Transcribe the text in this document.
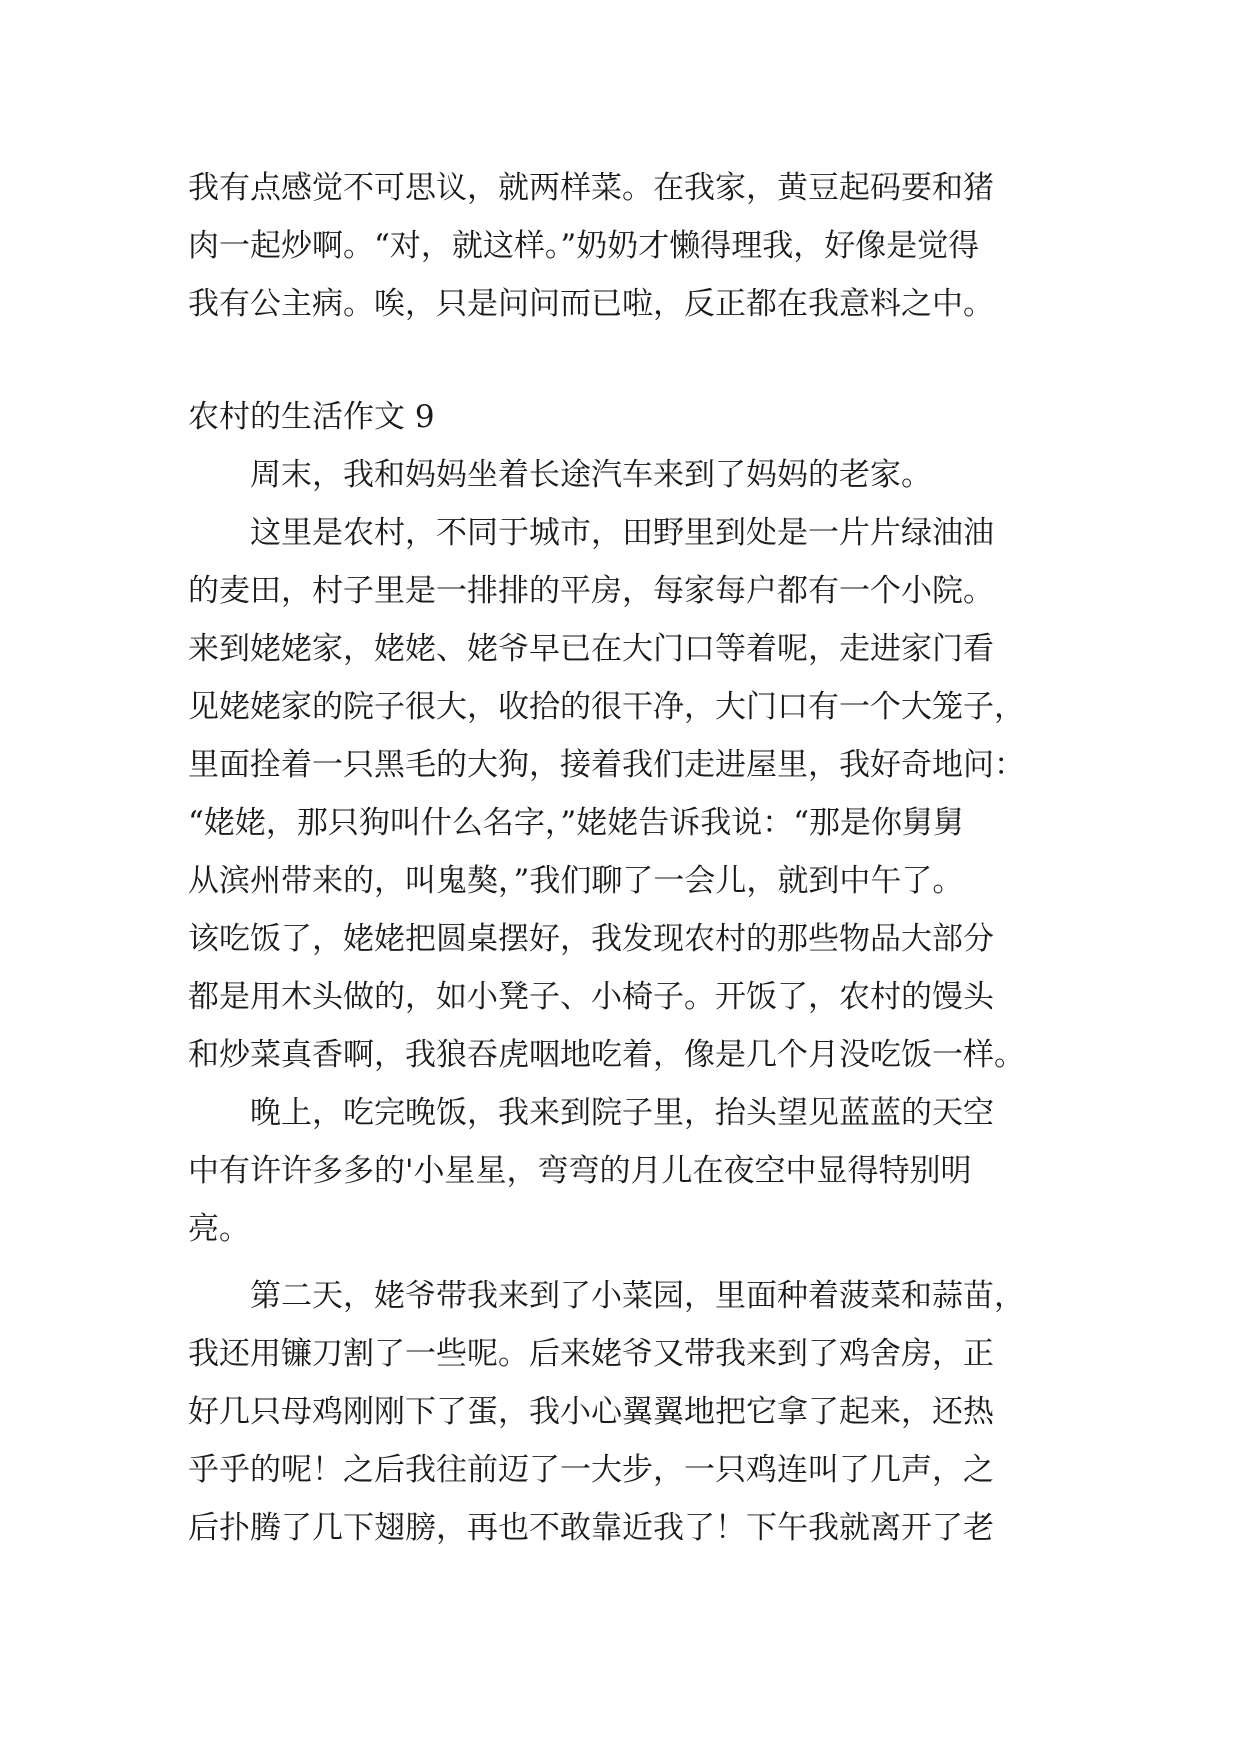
我有点感觉不可思议，就两样菜。在我家，黄豆起码要和猪
肉一起炒啊。“对，就这样。”奶奶才懒得理我，好像是觉得
我有公主病。唉，只是问问而已啦，反正都在我意料之中。
农村的生活作文 9
　　周末，我和妈妈坐着长途汽车来到了妈妈的老家。
　　这里是农村，不同于城市，田野里到处是一片片绿油油
的麦田，村子里是一排排的平房，每家每户都有一个小院。
来到姥姥家，姥姥、姥爷早已在大门口等着呢，走进家门看
见姥姥家的院子很大，收拾的很干净，大门口有一个大笼子，
里面拴着一只黑毛的大狗，接着我们走进屋里，我好奇地问：
“姥姥，那只狗叫什么名字，”姥姥告诉我说：“那是你舅舅
从滨州带来的，叫鬼獒，”我们聊了一会儿，就到中午了。
该吃饭了，姥姥把圆桌摆好，我发现农村的那些物品大部分
都是用木头做的，如小凳子、小椅子。开饭了，农村的馒头
和炒菜真香啊，我狼吞虎咽地吃着，像是几个月没吃饭一样。
　　晚上，吃完晚饭，我来到院子里，抬头望见蓝蓝的天空
中有许许多多的'小星星，弯弯的月儿在夜空中显得特别明
亮。
　　第二天，姥爷带我来到了小菜园，里面种着菠菜和蒜苗，
我还用镰刀割了一些呢。后来姥爷又带我来到了鸡舍房，正
好几只母鸡刚刚下了蛋，我小心翼翼地把它拿了起来，还热
乎乎的呢！之后我往前迈了一大步，一只鸡连叫了几声，之
后扑腾了几下翅膀，再也不敢靠近我了！下午我就离开了老
